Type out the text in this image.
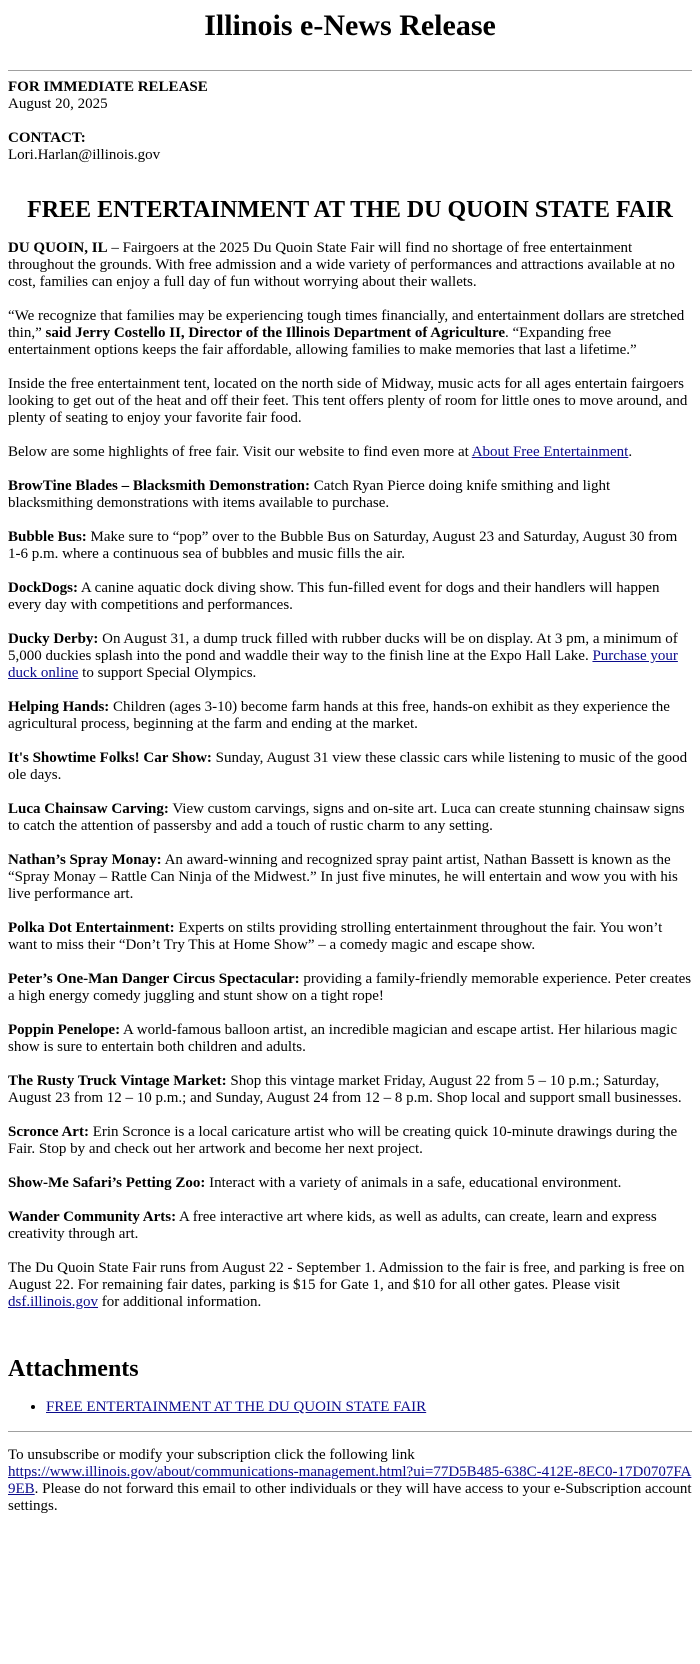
Illinois e-News Release

FOR IMMEDIATE RELEASE

August 20, 2025

CONTACT:

Lori.Harlan@illinois.gov

FREE ENTERTAINMENT AT THE DU QUOIN STATE FAIR

DU QUOIN, IL – Fairgoers at the 2025 Du Quoin State Fair will find no shortage of free entertainment throughout the grounds. With free admission and a wide variety of performances and attractions available at no cost, families can enjoy a full day of fun without worrying about their wallets.

“We recognize that families may be experiencing tough times financially, and entertainment dollars are stretched thin,” said Jerry Costello II, Director of the Illinois Department of Agriculture. “Expanding free entertainment options keeps the fair affordable, allowing families to make memories that last a lifetime.”

Inside the free entertainment tent, located on the north side of Midway, music acts for all ages entertain fairgoers looking to get out of the heat and off their feet. This tent offers plenty of room for little ones to move around, and plenty of seating to enjoy your favorite fair food.

Below are some highlights of free fair. Visit our website to find even more at About Free Entertainment.

BrowTine Blades – Blacksmith Demonstration: Catch Ryan Pierce doing knife smithing and light blacksmithing demonstrations with items available to purchase.

Bubble Bus: Make sure to “pop” over to the Bubble Bus on Saturday, August 23 and Saturday, August 30 from 1-6 p.m. where a continuous sea of bubbles and music fills the air.

DockDogs: A canine aquatic dock diving show. This fun-filled event for dogs and their handlers will happen every day with competitions and performances.

Ducky Derby: On August 31, a dump truck filled with rubber ducks will be on display. At 3 pm, a minimum of 5,000 duckies splash into the pond and waddle their way to the finish line at the Expo Hall Lake. Purchase your duck online to support Special Olympics.

Helping Hands: Children (ages 3-10) become farm hands at this free, hands-on exhibit as they experience the agricultural process, beginning at the farm and ending at the market.

It's Showtime Folks! Car Show: Sunday, August 31 view these classic cars while listening to music of the good ole days.

Luca Chainsaw Carving: View custom carvings, signs and on-site art. Luca can create stunning chainsaw signs to catch the attention of passersby and add a touch of rustic charm to any setting.

Nathan’s Spray Monay: An award-winning and recognized spray paint artist, Nathan Bassett is known as the “Spray Monay – Rattle Can Ninja of the Midwest.” In just five minutes, he will entertain and wow you with his live performance art.

Polka Dot Entertainment: Experts on stilts providing strolling entertainment throughout the fair. You won’t want to miss their “Don’t Try This at Home Show” – a comedy magic and escape show.

Peter’s One-Man Danger Circus Spectacular: providing a family-friendly memorable experience. Peter creates a high energy comedy juggling and stunt show on a tight rope!

Poppin Penelope: A world-famous balloon artist, an incredible magician and escape artist. Her hilarious magic show is sure to entertain both children and adults.

The Rusty Truck Vintage Market: Shop this vintage market Friday, August 22 from 5 – 10 p.m.; Saturday, August 23 from 12 – 10 p.m.; and Sunday, August 24 from 12 – 8 p.m. Shop local and support small businesses.

Scronce Art: Erin Scronce is a local caricature artist who will be creating quick 10-minute drawings during the Fair. Stop by and check out her artwork and become her next project.

Show-Me Safari’s Petting Zoo: Interact with a variety of animals in a safe, educational environment.

Wander Community Arts: A free interactive art where kids, as well as adults, can create, learn and express creativity through art.

The Du Quoin State Fair runs from August 22 - September 1. Admission to the fair is free, and parking is free on August 22. For remaining fair dates, parking is $15 for Gate 1, and $10 for all other gates. Please visit dsf.illinois.gov for additional information.

Attachments
• FREE ENTERTAINMENT AT THE DU QUOIN STATE FAIR

To unsubscribe or modify your subscription click the following link

https://www.illinois.gov/about/communications-management.html?ui=77D5B485-638C-412E-8EC0-17D0707FA9EB. Please do not forward this email to other individuals or they will have access to your e-Subscription account settings.
